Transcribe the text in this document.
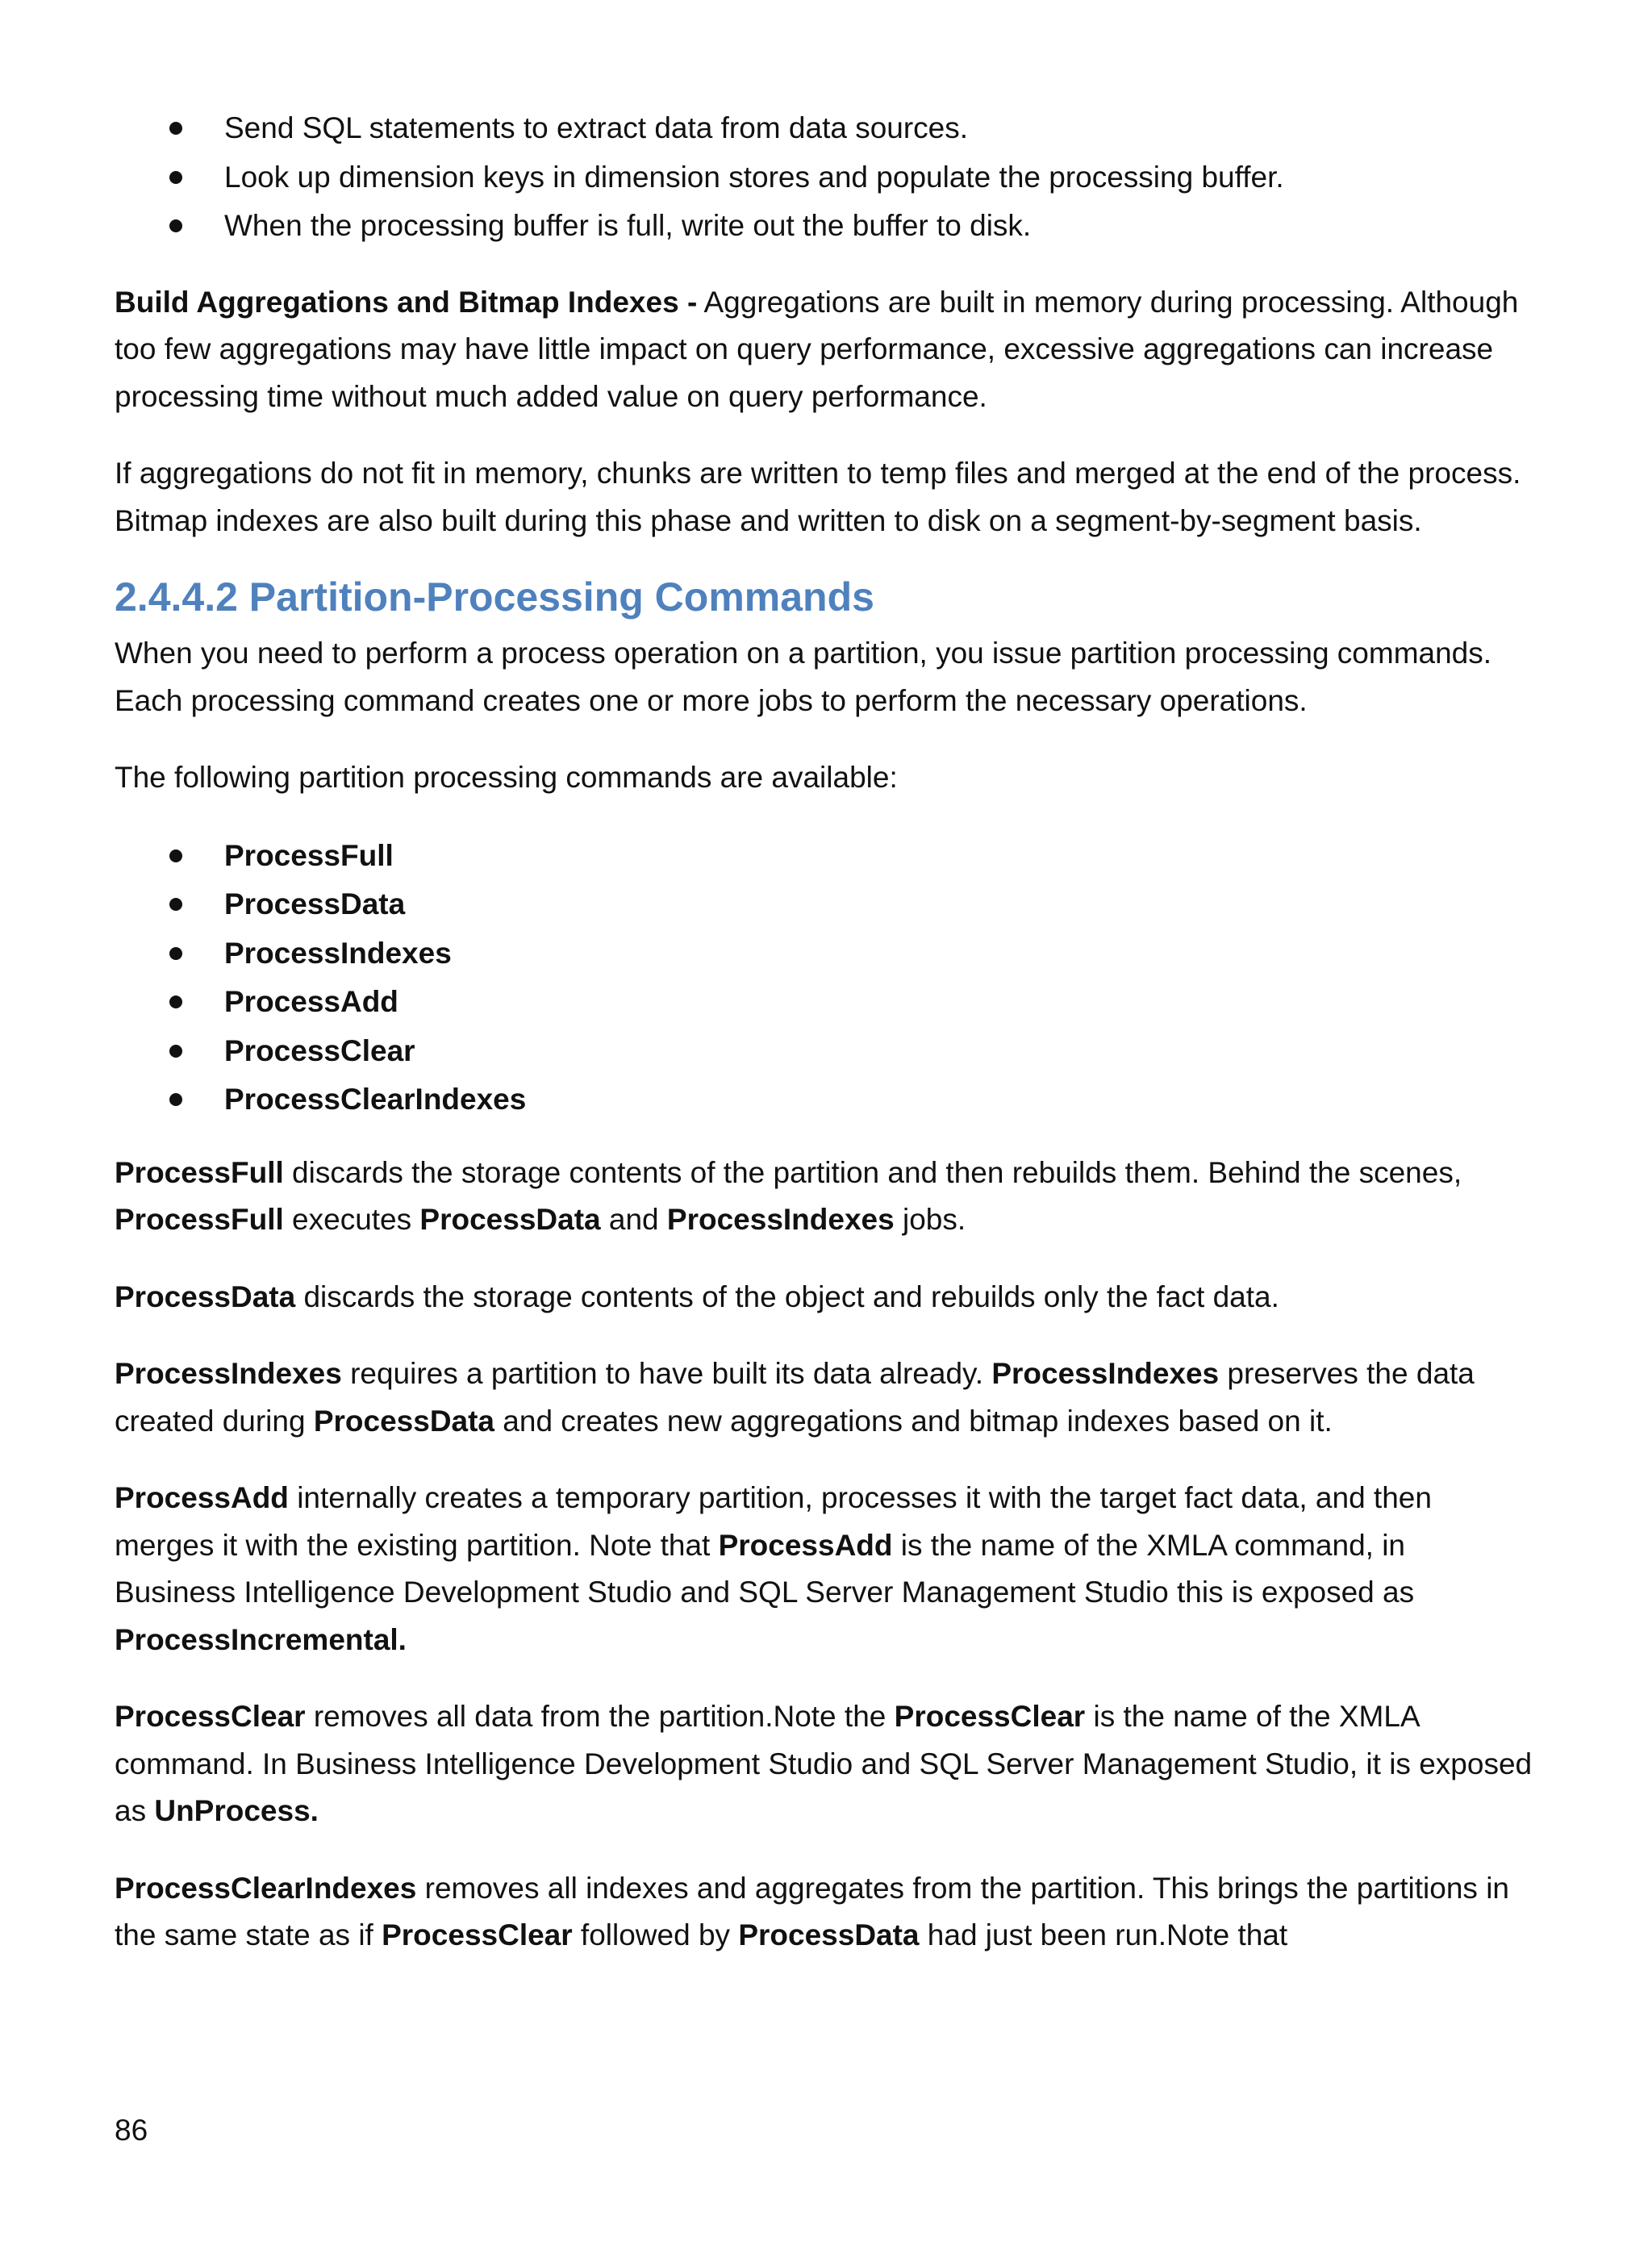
Send SQL statements to extract data from data sources.
Look up dimension keys in dimension stores and populate the processing buffer.
When the processing buffer is full, write out the buffer to disk.

Build Aggregations and Bitmap Indexes - Aggregations are built in memory during processing. Although too few aggregations may have little impact on query performance, excessive aggregations can increase processing time without much added value on query performance.

If aggregations do not fit in memory, chunks are written to temp files and merged at the end of the process. Bitmap indexes are also built during this phase and written to disk on a segment-by-segment basis.

2.4.4.2 Partition-Processing Commands

When you need to perform a process operation on a partition, you issue partition processing commands. Each processing command creates one or more jobs to perform the necessary operations.

The following partition processing commands are available:

ProcessFull
ProcessData
ProcessIndexes
ProcessAdd
ProcessClear
ProcessClearIndexes

ProcessFull discards the storage contents of the partition and then rebuilds them. Behind the scenes, ProcessFull executes ProcessData and ProcessIndexes jobs.

ProcessData discards the storage contents of the object and rebuilds only the fact data.

ProcessIndexes requires a partition to have built its data already. ProcessIndexes preserves the data created during ProcessData and creates new aggregations and bitmap indexes based on it.

ProcessAdd internally creates a temporary partition, processes it with the target fact data, and then merges it with the existing partition. Note that ProcessAdd is the name of the XMLA command, in Business Intelligence Development Studio and SQL Server Management Studio this is exposed as ProcessIncremental.

ProcessClear removes all data from the partition.Note the ProcessClear is the name of the XMLA command. In Business Intelligence Development Studio and SQL Server Management Studio, it is exposed as UnProcess.

ProcessClearIndexes removes all indexes and aggregates from the partition. This brings the partitions in the same state as if ProcessClear followed by ProcessData had just been run.Note that

86
